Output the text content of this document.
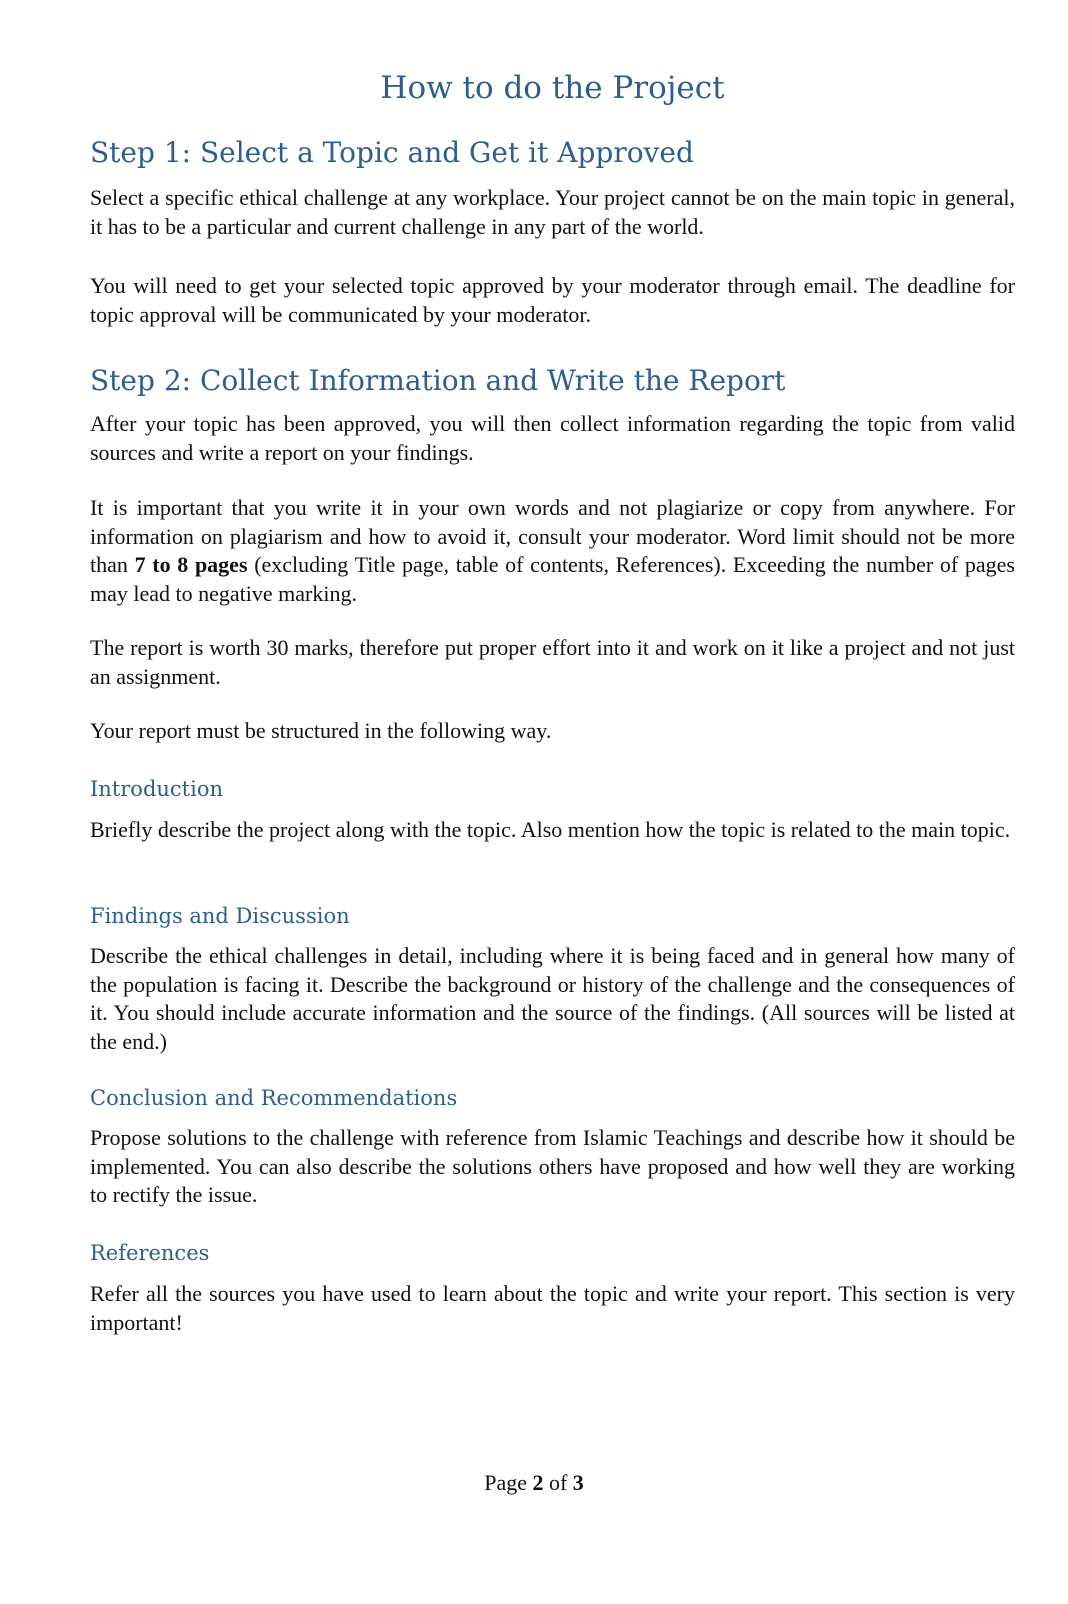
How to do the Project
Step 1: Select a Topic and Get it Approved

Select a specific ethical challenge at any workplace. Your project cannot be on the main topic in general, it has to be a particular and current challenge in any part of the world.

You will need to get your selected topic approved by your moderator through email. The deadline for topic approval will be communicated by your moderator.

Step 2: Collect Information and Write the Report

After your topic has been approved, you will then collect information regarding the topic from valid sources and write a report on your findings.

It is important that you write it in your own words and not plagiarize or copy from anywhere. For information on plagiarism and how to avoid it, consult your moderator. Word limit should not be more than 7 to 8 pages (excluding Title page, table of contents, References). Exceeding the number of pages may lead to negative marking.

The report is worth 30 marks, therefore put proper effort into it and work on it like a project and not just an assignment.

Your report must be structured in the following way.

Introduction

Briefly describe the project along with the topic. Also mention how the topic is related to the main topic.

Findings and Discussion

Describe the ethical challenges in detail, including where it is being faced and in general how many of the population is facing it. Describe the background or history of the challenge and the consequences of it. You should include accurate information and the source of the findings. (All sources will be listed at the end.)

Conclusion and Recommendations

Propose solutions to the challenge with reference from Islamic Teachings and describe how it should be implemented. You can also describe the solutions others have proposed and how well they are working to rectify the issue.

References

Refer all the sources you have used to learn about the topic and write your report. This section is very important!

Page 2 of 3
